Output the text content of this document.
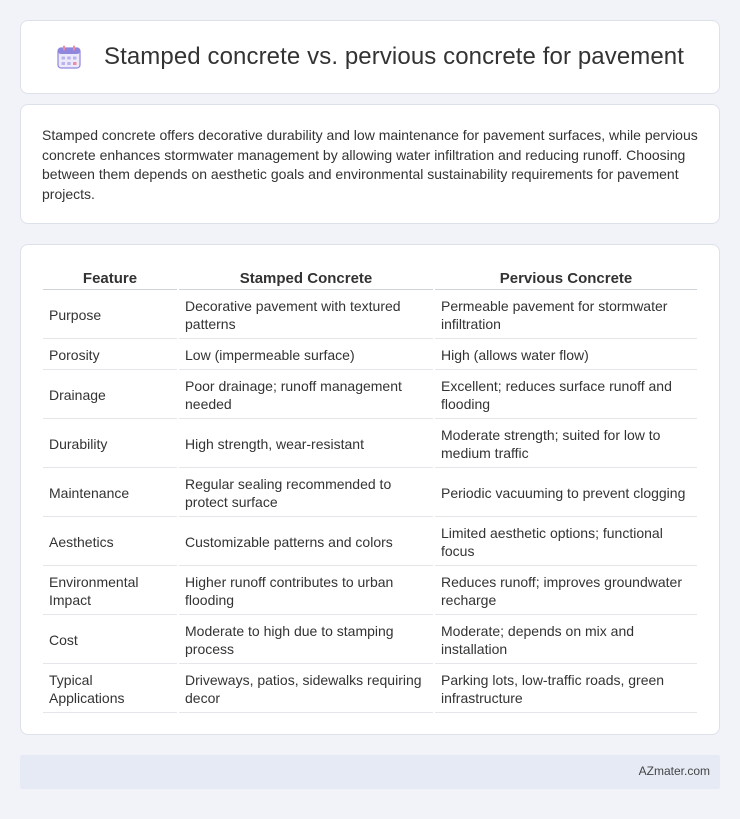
Stamped concrete vs. pervious concrete for pavement

Stamped concrete offers decorative durability and low maintenance for pavement surfaces, while pervious concrete enhances stormwater management by allowing water infiltration and reducing runoff. Choosing between them depends on aesthetic goals and environmental sustainability requirements for pavement projects.

Feature	Stamped Concrete	Pervious Concrete
Purpose	Decorative pavement with textured patterns	Permeable pavement for stormwater infiltration
Porosity	Low (impermeable surface)	High (allows water flow)
Drainage	Poor drainage; runoff management needed	Excellent; reduces surface runoff and flooding
Durability	High strength, wear-resistant	Moderate strength; suited for low to medium traffic
Maintenance	Regular sealing recommended to protect surface	Periodic vacuuming to prevent clogging
Aesthetics	Customizable patterns and colors	Limited aesthetic options; functional focus
Environmental Impact	Higher runoff contributes to urban flooding	Reduces runoff; improves groundwater recharge
Cost	Moderate to high due to stamping process	Moderate; depends on mix and installation
Typical Applications	Driveways, patios, sidewalks requiring decor	Parking lots, low-traffic roads, green infrastructure
AZmater.com
